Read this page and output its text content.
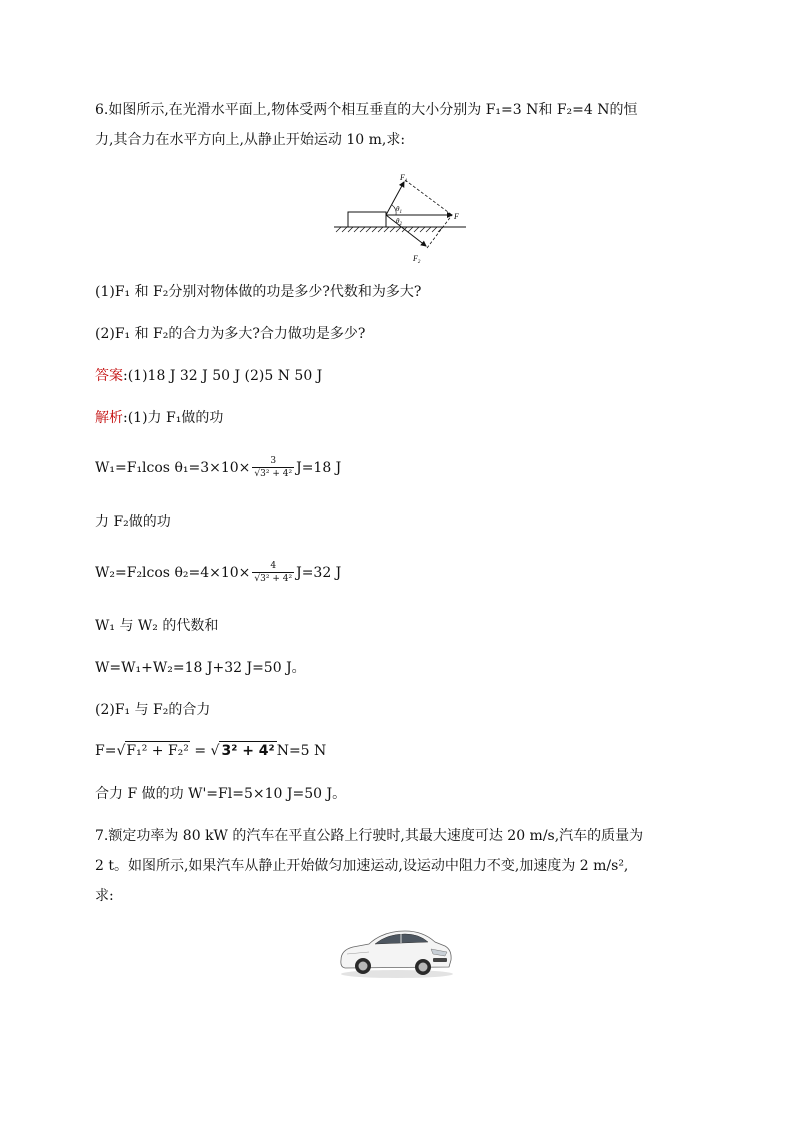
6.如图所示,在光滑水平面上,物体受两个相互垂直的大小分别为 F₁=3 N和 F₂=4 N的恒
力,其合力在水平方向上,从静止开始运动 10 m,求:
$F_1$
F
$F_2$
$\theta_1$
$\theta_2$
(1)F₁ 和 F₂分别对物体做的功是多少?代数和为多大?
(2)F₁ 和 F₂的合力为多大?合力做功是多少?
答案:(1)18 J 32 J 50 J (2)5 N 50 J
解析:(1)力 F₁做的功
W₁=F₁lcos $\theta_1=3\times 10\times \frac{3}{\text{√3² + 4²}} J=18$ J
力 F₂做的功
W₂=F₂lcos $\theta_2=4\times 10\times \frac{4}{\text{√3² + 4²}} J=32$ J
W₁ 与 W₂ 的代数和
W=W₁+W₂=18 J+32 J=50 J。
(2)F₁ 与 F₂的合力
F=√F₁² + F₂² = √ 3² + 4² N=5 N
合力 F 做的功 W'=Fl=5×10 J=50 J。
7.额定功率为 80 kW 的汽车在平直公路上行驶时,其最大速度可达 20 m/s,汽车的质量为
2 t。如图所示,如果汽车从静止开始做匀加速运动,设运动中阻力不变,加速度为 2 m/s²,
求:
